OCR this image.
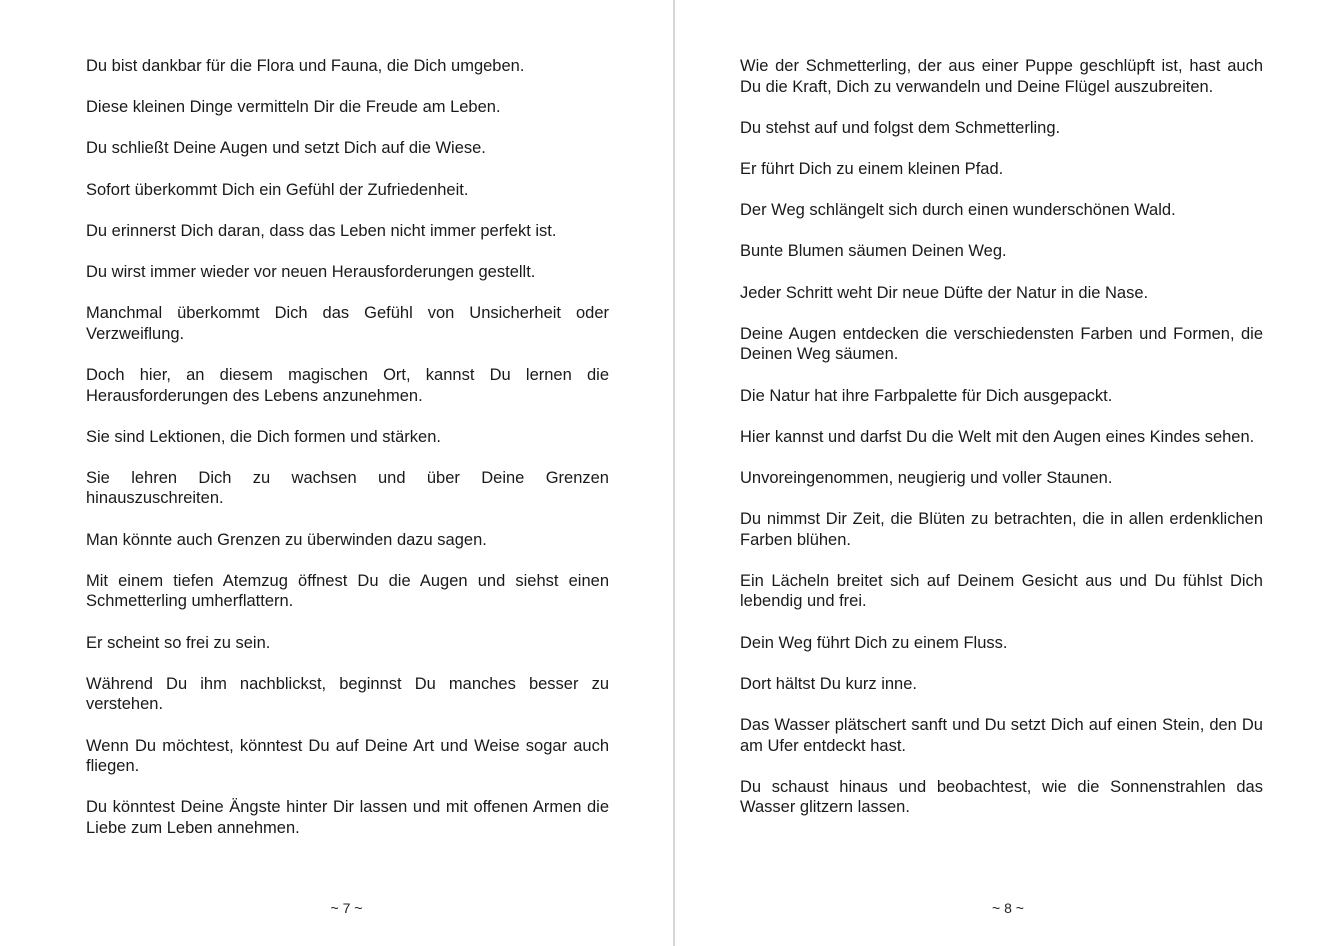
Du bist dankbar für die Flora und Fauna, die Dich umgeben.

Diese kleinen Dinge vermitteln Dir die Freude am Leben.

Du schließt Deine Augen und setzt Dich auf die Wiese.

Sofort überkommt Dich ein Gefühl der Zufriedenheit.

Du erinnerst Dich daran, dass das Leben nicht immer perfekt ist.

Du wirst immer wieder vor neuen Herausforderungen gestellt.

Manchmal überkommt Dich das Gefühl von Unsicherheit oder Verzweiflung.

Doch hier, an diesem magischen Ort, kannst Du lernen die Herausforderungen des Lebens anzunehmen.

Sie sind Lektionen, die Dich formen und stärken.

Sie lehren Dich zu wachsen und über Deine Grenzen hinauszuschreiten.

Man könnte auch Grenzen zu überwinden dazu sagen.

Mit einem tiefen Atemzug öffnest Du die Augen und siehst einen Schmetterling umherflattern.

Er scheint so frei zu sein.

Während Du ihm nachblickst, beginnst Du manches besser zu verstehen.

Wenn Du möchtest, könntest Du auf Deine Art und Weise sogar auch fliegen.

Du könntest Deine Ängste hinter Dir lassen und mit offenen Armen die Liebe zum Leben annehmen.

~ 7 ~

Wie der Schmetterling, der aus einer Puppe geschlüpft ist, hast auch Du die Kraft, Dich zu verwandeln und Deine Flügel auszubreiten.

Du stehst auf und folgst dem Schmetterling.

Er führt Dich zu einem kleinen Pfad.

Der Weg schlängelt sich durch einen wunderschönen Wald.

Bunte Blumen säumen Deinen Weg.

Jeder Schritt weht Dir neue Düfte der Natur in die Nase.

Deine Augen entdecken die verschiedensten Farben und Formen, die Deinen Weg säumen.

Die Natur hat ihre Farbpalette für Dich ausgepackt.

Hier kannst und darfst Du die Welt mit den Augen eines Kindes sehen.

Unvoreingenommen, neugierig und voller Staunen.

Du nimmst Dir Zeit, die Blüten zu betrachten, die in allen erdenklichen Farben blühen.

Ein Lächeln breitet sich auf Deinem Gesicht aus und Du fühlst Dich lebendig und frei.

Dein Weg führt Dich zu einem Fluss.

Dort hältst Du kurz inne.

Das Wasser plätschert sanft und Du setzt Dich auf einen Stein, den Du am Ufer entdeckt hast.

Du schaust hinaus und beobachtest, wie die Sonnenstrahlen das Wasser glitzern lassen.

~ 8 ~
